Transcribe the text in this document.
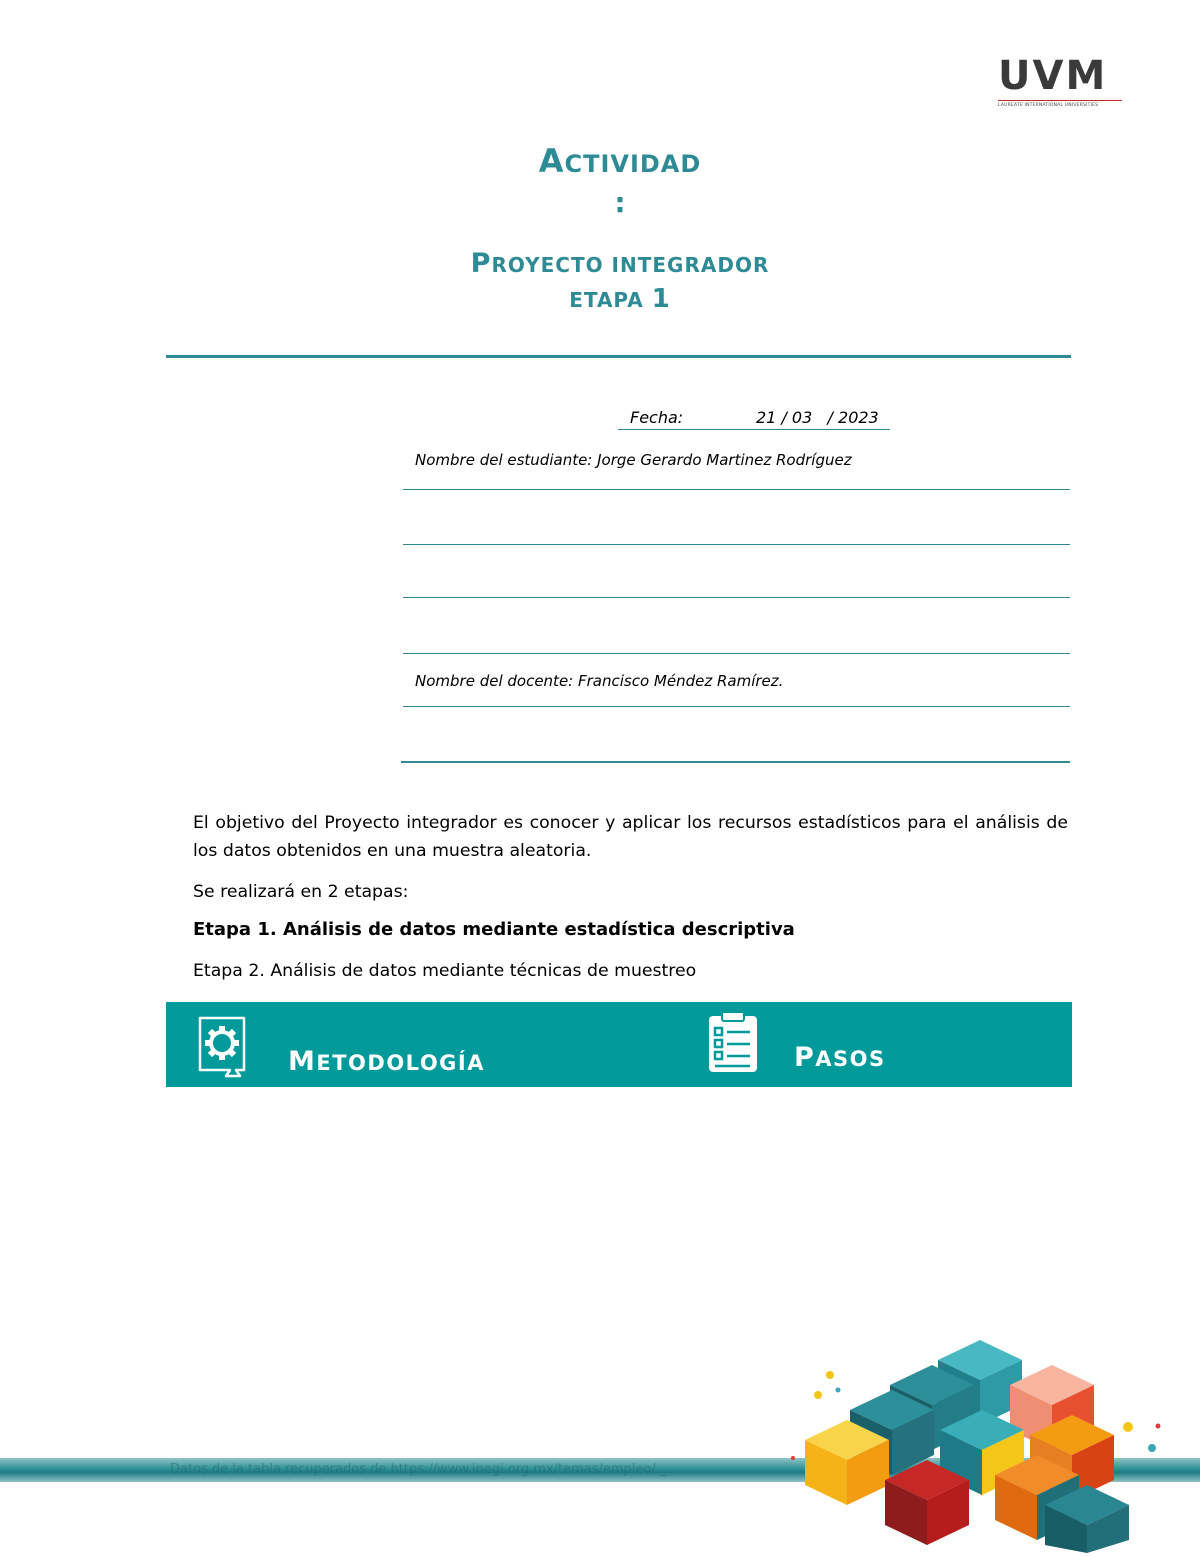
UVM
LAUREATE INTERNATIONAL UNIVERSITIES
ACTIVIDAD
:
PROYECTO INTEGRADOR
ETAPA 1
Fecha:	21 / 03   / 2023
Nombre del estudiante: Jorge Gerardo Martinez Rodríguez
Nombre del docente: Francisco Méndez Ramírez.
El objetivo del Proyecto integrador es conocer y aplicar los recursos estadísticos para el análisis de los datos obtenidos en una muestra aleatoria.
Se realizará en 2 etapas:
Etapa 1. Análisis de datos mediante estadística descriptiva
Etapa 2. Análisis de datos mediante técnicas de muestreo
METODOLOGÍA	PASOS
Datos de la tabla recuperados de https://www.inegi.org.mx/temas/empleo/ _
